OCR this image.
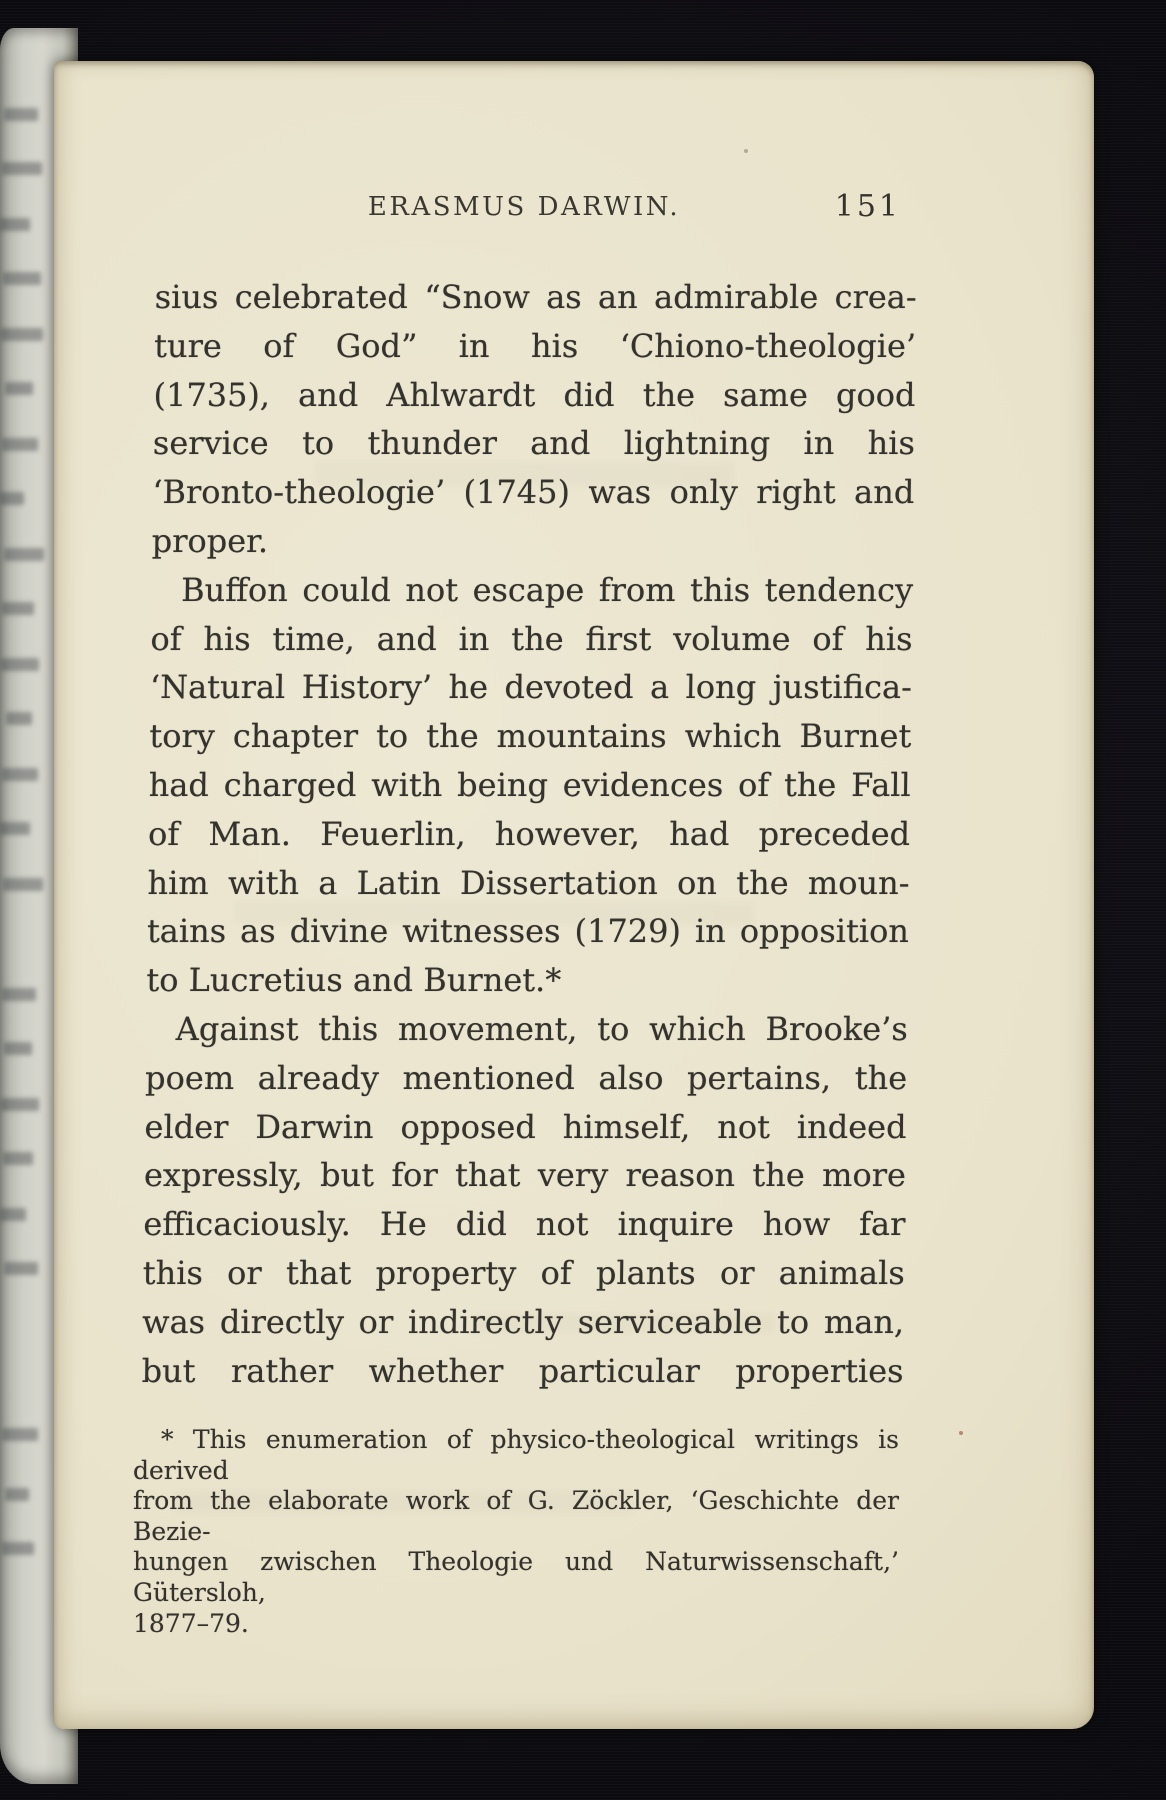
ERASMUS DARWIN.	151
sius celebrated “Snow as an admirable crea-
ture of God” in his ‘Chiono-theologie’
(1735), and Ahlwardt did the same good
service to thunder and lightning in his
‘Bronto-theologie’ (1745) was only right and
proper.
Buffon could not escape from this tendency
of his time, and in the first volume of his
‘Natural History’ he devoted a long justifica-
tory chapter to the mountains which Burnet
had charged with being evidences of the Fall
of Man. Feuerlin, however, had preceded
him with a Latin Dissertation on the moun-
tains as divine witnesses (1729) in opposition
to Lucretius and Burnet.*
Against this movement, to which Brooke’s
poem already mentioned also pertains, the
elder Darwin opposed himself, not indeed
expressly, but for that very reason the more
efficaciously. He did not inquire how far
this or that property of plants or animals
was directly or indirectly serviceable to man,
but rather whether particular properties
* This enumeration of physico-theological writings is derived
from the elaborate work of G. Zöckler, ‘Geschichte der Bezie-
hungen zwischen Theologie und Naturwissenschaft,’ Gütersloh,
1877–79.
